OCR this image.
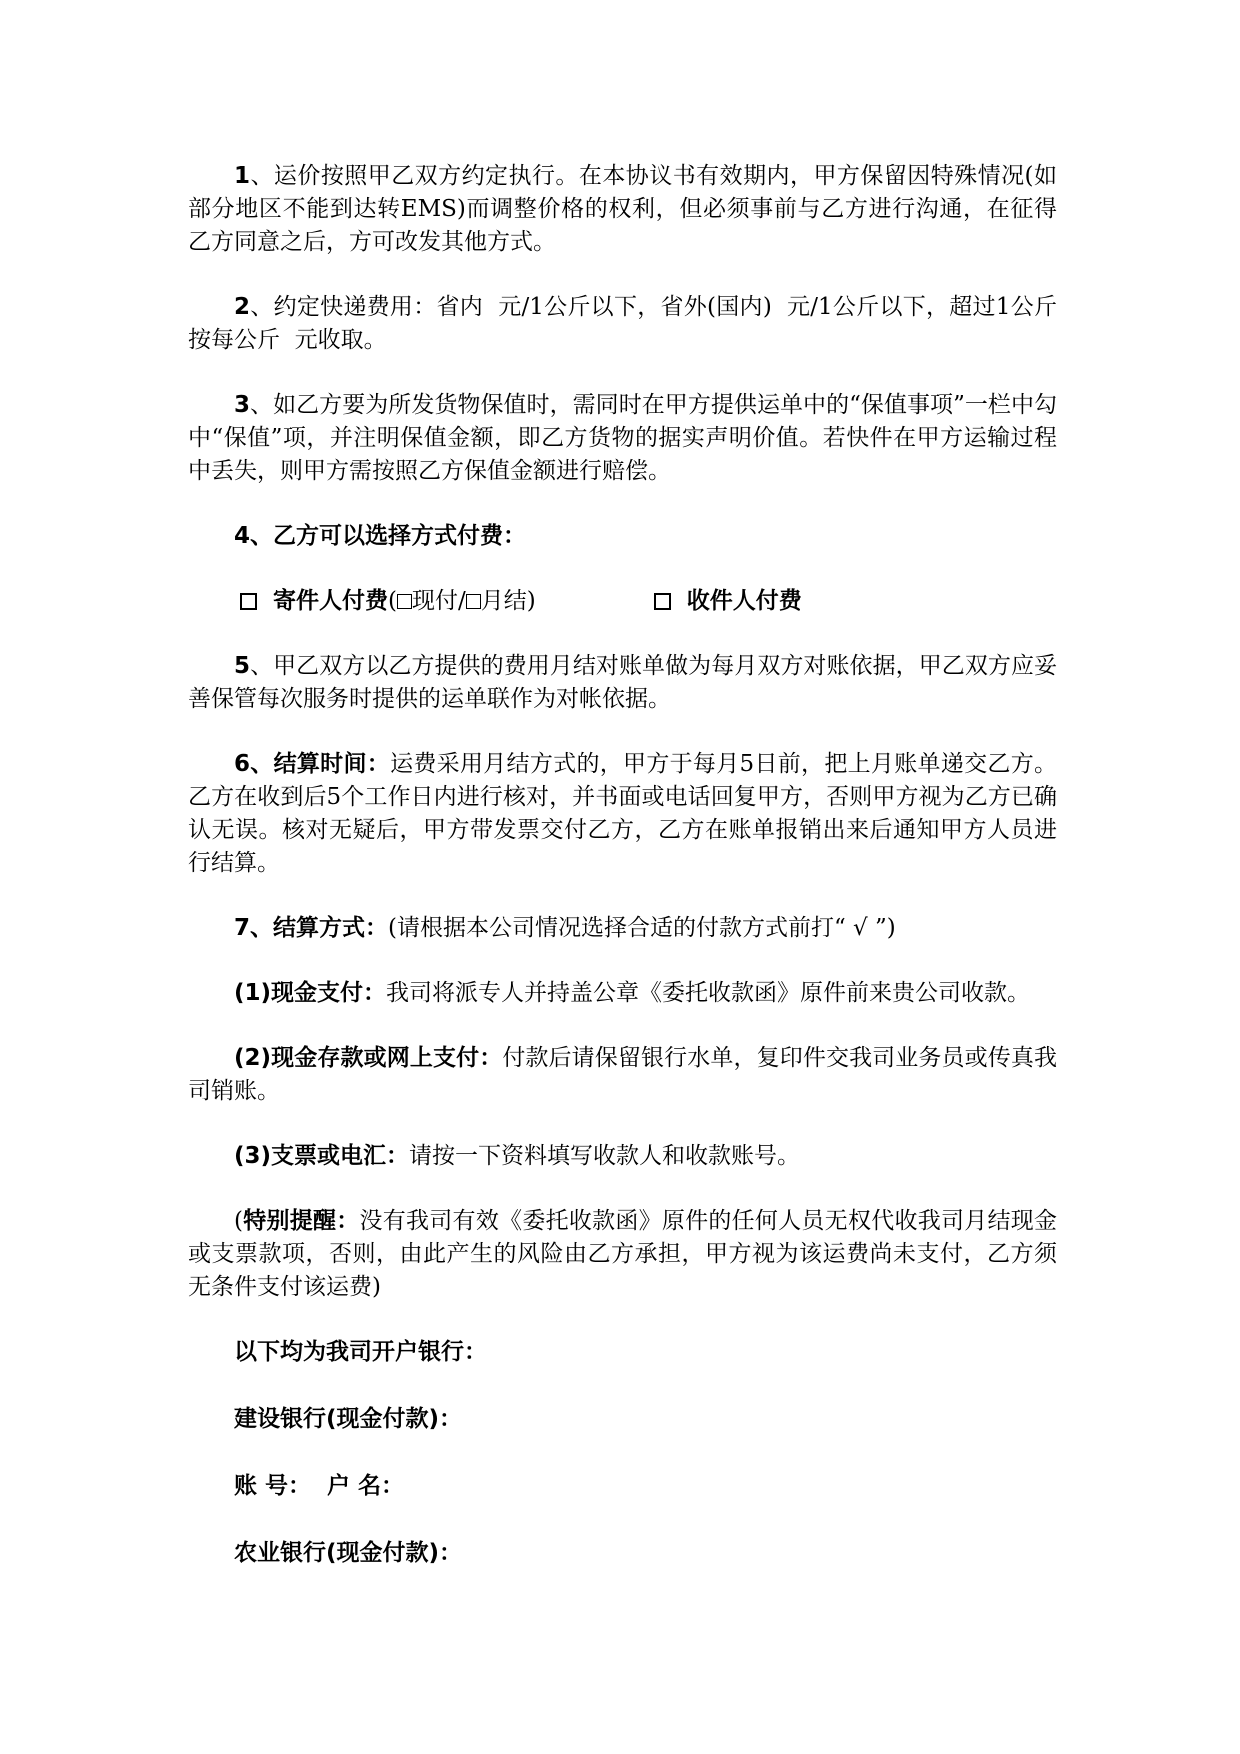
1、运价按照甲乙双方约定执行。在本协议书有效期内，甲方保留因特殊情况(如部分地区不能到达转EMS)而调整价格的权利，但必须事前与乙方进行沟通，在征得乙方同意之后，方可改发其他方式。

2、约定快递费用：省内  元/1公斤以下，省外(国内)  元/1公斤以下，超过1公斤按每公斤  元收取。

3、如乙方要为所发货物保值时，需同时在甲方提供运单中的“保值事项”一栏中勾中“保值”项，并注明保值金额，即乙方货物的据实声明价值。若快件在甲方运输过程中丢失，则甲方需按照乙方保值金额进行赔偿。

4、乙方可以选择方式付费：

寄件人付费 ( 现付/ 月结)	收件人付费

5、甲乙双方以乙方提供的费用月结对账单做为每月双方对账依据，甲乙双方应妥善保管每次服务时提供的运单联作为对帐依据。

6、结算时间：运费采用月结方式的，甲方于每月5日前，把上月账单递交乙方。乙方在收到后5个工作日内进行核对，并书面或电话回复甲方，否则甲方视为乙方已确认无误。核对无疑后，甲方带发票交付乙方，乙方在账单报销出来后通知甲方人员进行结算。

7、结算方式：(请根据本公司情况选择合适的付款方式前打“ √ ”)

(1)现金支付：我司将派专人并持盖公章《委托收款函》原件前来贵公司收款。

(2)现金存款或网上支付：付款后请保留银行水单，复印件交我司业务员或传真我司销账。

(3)支票或电汇：请按一下资料填写收款人和收款账号。

(特别提醒：没有我司有效《委托收款函》原件的任何人员无权代收我司月结现金或支票款项，否则，由此产生的风险由乙方承担，甲方视为该运费尚未支付，乙方须无条件支付该运费)

以下均为我司开户银行：

建设银行(现金付款)：

账 号：  户 名：

农业银行(现金付款)：
